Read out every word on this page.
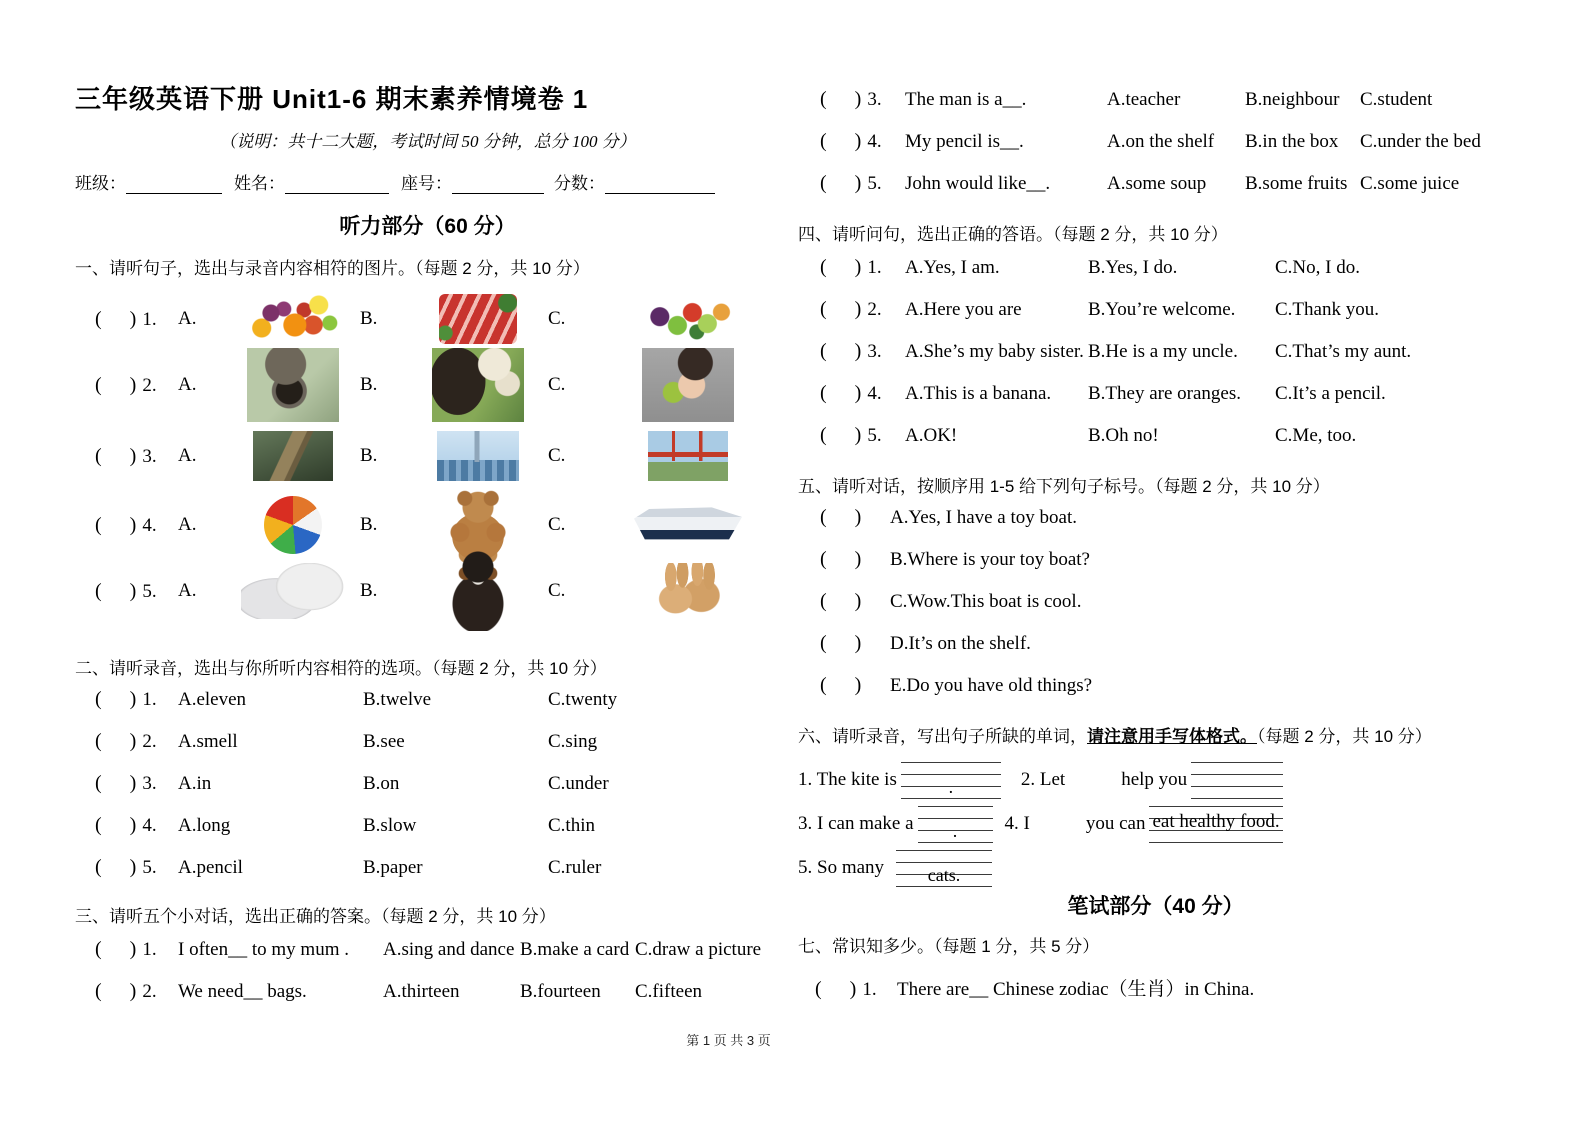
三年级英语下册 Unit1-6 期末素养情境卷 1
（说明：共十二大题，考试时间 50 分钟，总分 100 分）
班级：	姓名：	座号：	分数：
听力部分（60 分）
一、请听句子，选出与录音内容相符的图片。（每题 2 分，共 10 分）
( ) 1.	A.	B.	C.
( ) 2.	A.	B.	C.
( ) 3.	A.	B.	C.
( ) 4.	A.	B.	C.
( ) 5.	A.	B.	C.
二、请听录音，选出与你所听内容相符的选项。（每题 2 分，共 10 分）
( ) 1.	A.eleven	B.twelve	C.twenty
( ) 2.	A.smell	B.see	C.sing
( ) 3.	A.in	B.on	C.under
( ) 4.	A.long	B.slow	C.thin
( ) 5.	A.pencil	B.paper	C.ruler
三、请听五个小对话，选出正确的答案。（每题 2 分，共 10 分）
( ) 1.	I often__ to my mum .	A.sing and dance B.make a card C.draw a picture
( ) 2.	We need__ bags.	A.thirteen	B.fourteen	C.fifteen
( ) 3.	The man is a__.	A.teacher	B.neighbour	C.student
( ) 4.	My pencil is__.	A.on the shelf	B.in the box	C.under the bed
( ) 5.	John would like__.	A.some soup	B.some fruits C.some juice
四、请听问句，选出正确的答语。（每题 2 分，共 10 分）
( ) 1.	A.Yes, I am.	B.Yes, I do.	C.No, I do.
( ) 2.	A.Here you are	B.You’re welcome.	C.Thank you.
( ) 3.	A.She’s my baby sister. B.He is a my uncle.	C.That’s my aunt.
( ) 4.	A.This is a banana.	B.They are oranges.	C.It’s a pencil.
( ) 5.	A.OK!	B.Oh no!	C.Me, too.
五、请听对话，按顺序用 1-5 给下列句子标号。（每题 2 分，共 10 分）
( )	A.Yes, I have a toy boat.
( )	B.Where is your toy boat?
( )	C.Wow.This boat is cool.
( )	D.It’s on the shelf.
( )	E.Do you have old things?
六、请听录音，写出句子所缺的单词，请注意用手写体格式。（每题 2 分，共 10 分）
1. The kite is	.	2. Let	help you
3. I can make a	.	4. I	you can eat healthy food.
5. So many	cats.
笔试部分（40 分）
七、常识知多少。（每题 1 分，共 5 分）
( ) 1.	There are__ Chinese zodiac（生肖）in China.
第 1 页 共 3 页
